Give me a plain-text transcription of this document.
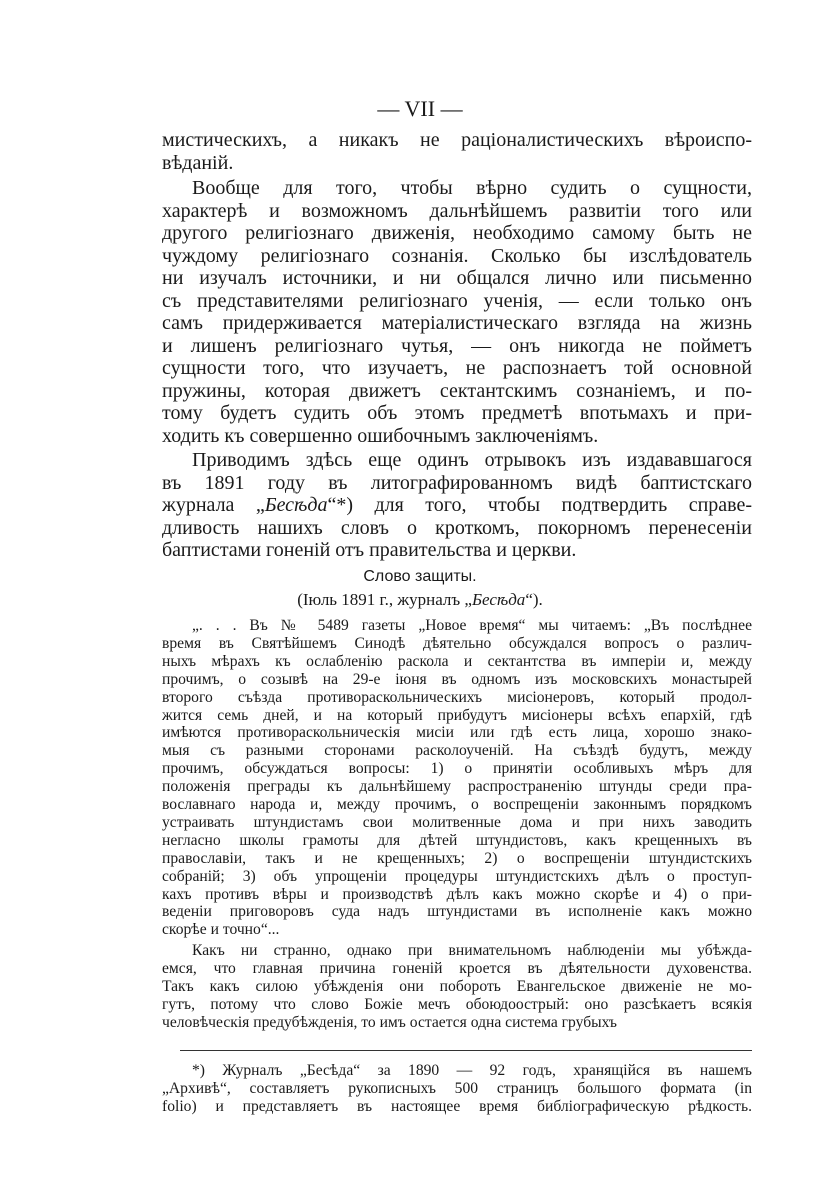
— VII —
мистическихъ, а никакъ не раціоналистическихъ вѣроиспо-
вѣданій.
Вообще для того, чтобы вѣрно судить о сущности,
характерѣ и возможномъ дальнѣйшемъ развитіи того или
другого религіознаго движенія, необходимо самому быть не
чуждому религіознаго сознанія. Сколько бы изслѣдователь
ни изучалъ источники, и ни общался лично или письменно
съ представителями религіознаго ученія, — если только онъ
самъ придерживается матеріалистическаго взгляда на жизнь
и лишенъ религіознаго чутья, — онъ никогда не пойметъ
сущности того, что изучаетъ, не распознаетъ той основной
пружины, которая движетъ сектантскимъ сознаніемъ, и по-
тому будетъ судить объ этомъ предметѣ впотьмахъ и при-
ходить къ совершенно ошибочнымъ заключеніямъ.
Приводимъ здѣсь еще одинъ отрывокъ изъ издававшагося
въ 1891 году въ литографированномъ видѣ баптистскаго
журнала „Бесѣда“*) для того, чтобы подтвердить справе-
дливость нашихъ словъ о кроткомъ, покорномъ перенесеніи
баптистами гоненій отъ правительства и церкви.
Слово защиты.
(Іюль 1891 г., журналъ „Бесѣда“).
„. . . Въ № 5489 газеты „Новое время“ мы читаемъ: „Въ послѣднее
время въ Святѣйшемъ Синодѣ дѣятельно обсуждался вопросъ о различ-
ныхъ мѣрахъ къ ослабленію раскола и сектантства въ имперіи и, между
прочимъ, о созывѣ на 29-е іюня въ одномъ изъ московскихъ монастырей
второго съѣзда противораскольническихъ мисіонеровъ, который продол-
жится семь дней, и на который прибудутъ мисіонеры всѣхъ епархій, гдѣ
имѣются противораскольническія мисіи или гдѣ есть лица, хорошо знако-
мыя съ разными сторонами расколоученій. На съѣздѣ будутъ, между
прочимъ, обсуждаться вопросы: 1) о принятіи особливыхъ мѣръ для
положенія преграды къ дальнѣйшему распространенію штунды среди пра-
вославнаго народа и, между прочимъ, о воспрещеніи законнымъ порядкомъ
устраивать штундистамъ свои молитвенные дома и при нихъ заводить
негласно школы грамоты для дѣтей штундистовъ, какъ крещенныхъ въ
православіи, такъ и не крещенныхъ; 2) о воспрещеніи штундистскихъ
собраній; 3) объ упрощеніи процедуры штундистскихъ дѣлъ о проступ-
кахъ противъ вѣры и производствѣ дѣлъ какъ можно скорѣе и 4) о при-
веденіи приговоровъ суда надъ штундистами въ исполненіе какъ можно
скорѣе и точно“...
Какъ ни странно, однако при внимательномъ наблюденіи мы убѣжда-
емся, что главная причина гоненій кроется въ дѣятельности духовенства.
Такъ какъ силою убѣжденія они побороть Евангельское движеніе не мо-
гутъ, потому что слово Божіе мечъ обоюдоострый: оно разсѣкаетъ всякія
человѣческія предубѣжденія, то имъ остается одна система грубыхъ
*) Журналъ „Бесѣда“ за 1890 — 92 годъ, хранящійся въ нашемъ
„Архивѣ“, составляетъ рукописныхъ 500 страницъ большого формата (in
folio) и представляетъ въ настоящее время библіографическую рѣдкость.
